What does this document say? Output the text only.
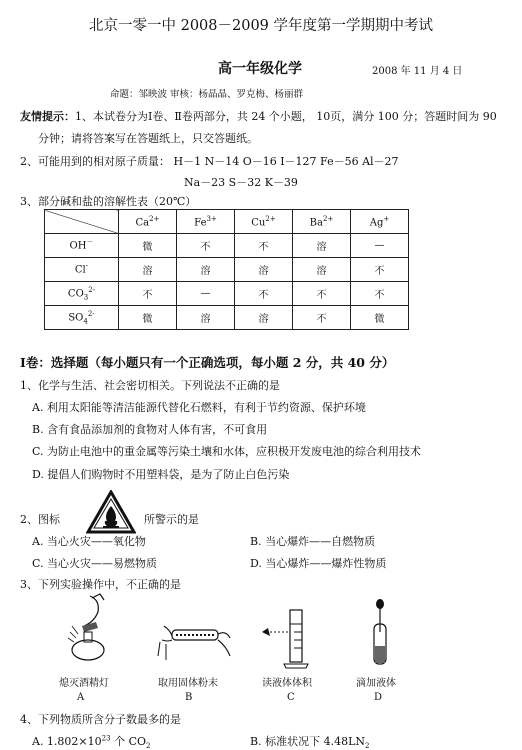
北京一零一中 2008－2009 学年度第一学期期中考试
高一年级化学	2008 年 11 月 4 日
命题：邹映波 审核：杨晶晶、罗克梅、杨丽群
友情提示：1、本试卷分为Ⅰ卷、Ⅱ卷两部分，共 24 个小题， 10页，满分 100 分；答题时间为 90
分钟；请将答案写在答题纸上，只交答题纸。
2、可能用到的相对原子质量： H－1 N－14 O－16 I－127 Fe－56 Al－27
Na－23 S－32 K－39
3、部分碱和盐的溶解性表（20℃）
	$Ca^{2+}$	$Fe^{3+}$	$Cu^{2+}$	$Ba^{2+}$	Ag+
OH－	微	不	不	溶	—
Cl-	溶	溶	溶	溶	不
$CO_3^{2-}$	不	—	不	不	不
$SO_4^{2-}$	微	溶	溶	不	微
Ⅰ卷：选择题（每小题只有一个正确选项，每小题 2 分，共 40 分）
1、化学与生活、社会密切相关。下列说法不正确的是
A. 利用太阳能等清洁能源代替化石燃料，有利于节约资源、保护环境
B. 含有食品添加剂的食物对人体有害，不可食用
C. 为防止电池中的重金属等污染土壤和水体，应积极开发废电池的综合利用技术
D. 提倡人们购物时不用塑料袋，是为了防止白色污染
2、图标	所警示的是
A. 当心火灾——氧化物	B. 当心爆炸——自燃物质
C. 当心火灾——易燃物质	D. 当心爆炸——爆炸性物质
3、下列实验操作中，不正确的是
熄灭酒精灯
A
取用固体粉末
B
读液体体积
C
滴加液体
D
4、下列物质所含分子数最多的是
A. $1.802\times 10^{23}$ 个 $CO_2$	B. 标准状况下 $4.48LN_2$
